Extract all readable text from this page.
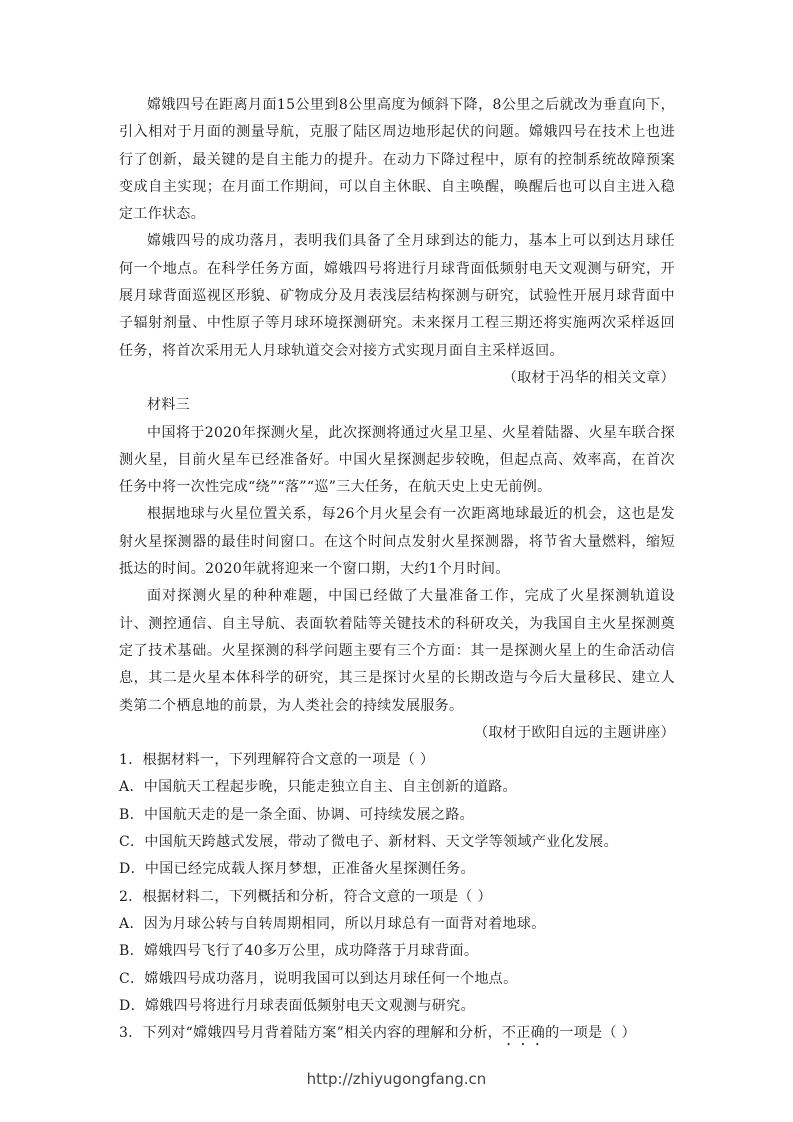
嫦娥四号在距离月面15公里到8公里高度为倾斜下降，8公里之后就改为垂直向下，引入相对于月面的测量导航，克服了陆区周边地形起伏的问题。嫦娥四号在技术上也进行了创新，最关键的是自主能力的提升。在动力下降过程中，原有的控制系统故障预案变成自主实现；在月面工作期间，可以自主休眠、自主唤醒，唤醒后也可以自主进入稳定工作状态。

嫦娥四号的成功落月，表明我们具备了全月球到达的能力，基本上可以到达月球任何一个地点。在科学任务方面，嫦娥四号将进行月球背面低频射电天文观测与研究，开展月球背面巡视区形貌、矿物成分及月表浅层结构探测与研究，试验性开展月球背面中子辐射剂量、中性原子等月球环境探测研究。未来探月工程三期还将实施两次采样返回任务，将首次采用无人月球轨道交会对接方式实现月面自主采样返回。

（取材于冯华的相关文章）

材料三

中国将于2020年探测火星，此次探测将通过火星卫星、火星着陆器、火星车联合探测火星，目前火星车已经准备好。中国火星探测起步较晚，但起点高、效率高，在首次任务中将一次性完成“绕”“落”“巡”三大任务，在航天史上史无前例。

根据地球与火星位置关系，每26个月火星会有一次距离地球最近的机会，这也是发射火星探测器的最佳时间窗口。在这个时间点发射火星探测器，将节省大量燃料，缩短抵达的时间。2020年就将迎来一个窗口期，大约1个月时间。

面对探测火星的种种难题，中国已经做了大量准备工作，完成了火星探测轨道设计、测控通信、自主导航、表面软着陆等关键技术的科研攻关，为我国自主火星探测奠定了技术基础。火星探测的科学问题主要有三个方面：其一是探测火星上的生命活动信息，其二是火星本体科学的研究，其三是探讨火星的长期改造与今后大量移民、建立人类第二个栖息地的前景，为人类社会的持续发展服务。

（取材于欧阳自远的主题讲座）

1．根据材料一，下列理解符合文意的一项是（ ）

A．中国航天工程起步晚，只能走独立自主、自主创新的道路。

B．中国航天走的是一条全面、协调、可持续发展之路。

C．中国航天跨越式发展，带动了微电子、新材料、天文学等领域产业化发展。

D．中国已经完成载人探月梦想，正准备火星探测任务。

2．根据材料二，下列概括和分析，符合文意的一项是（ ）

A．因为月球公转与自转周期相同，所以月球总有一面背对着地球。

B．嫦娥四号飞行了40多万公里，成功降落于月球背面。

C．嫦娥四号成功落月，说明我国可以到达月球任何一个地点。

D．嫦娥四号将进行月球表面低频射电天文观测与研究。

3．下列对“嫦娥四号月背着陆方案”相关内容的理解和分析，不正确的一项是（ ）

http://zhiyugongfang.cn
